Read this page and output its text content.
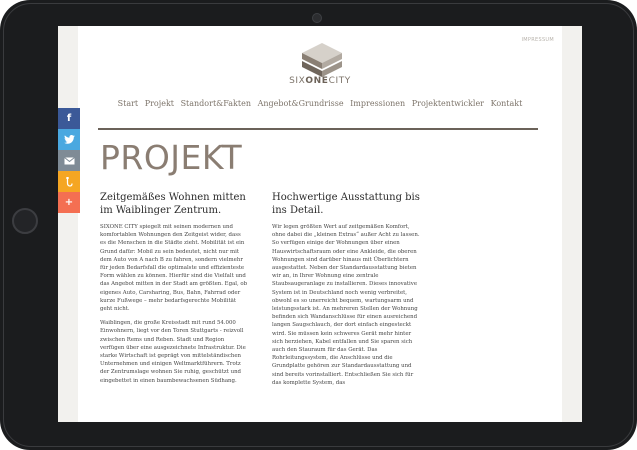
IMPRESSUM
SIXONECITY
Start Projekt Standort&Fakten Angebot&Grundrisse Impressionen Projektentwickler Kontakt
PROJEKT
Zeitgemäßes Wohnen mitten im Waiblinger Zentrum.

SIXONE CITY spiegelt mit seinen modernen und komfortablen Wohnungen den Zeitgeist wider, dass es die Menschen in die Städte zieht. Mobilität ist ein Grund dafür: Mobil zu sein bedeutet, nicht nur mit dem Auto von A nach B zu fahren, sondern vielmehr für jeden Bedarfsfall die optimalste und effizienteste Form wählen zu können. Hierfür sind die Vielfalt und das Angebot mitten in der Stadt am größten. Egal, ob eigenes Auto, Carsharing, Bus, Bahn, Fahrrad oder kurze Fußwege – mehr bedarfsgerechte Mobilität geht nicht.

Waiblingen, die große Kreisstadt mit rund 54.000 Einwohnern, liegt vor den Toren Stuttgarts - reizvoll zwischen Rems und Reben. Stadt und Region verfügen über eine ausgezeichnete Infrastruktur. Die starke Wirtschaft ist geprägt von mittelständischen Unternehmen und einigen Weltmarktführern. Trotz der Zentrumslage wohnen Sie ruhig, geschützt und eingebettet in einen baumbewachsenen Südhang.

Hochwertige Ausstattung bis ins Detail.

Wir legen größten Wert auf zeitgemäßen Komfort, ohne dabei die „kleinen Extras“ außer Acht zu lassen. So verfügen einige der Wohnungen über einen Hauswirtschaftsraum oder eine Ankleide, die oberen Wohnungen sind darüber hinaus mit Überlichtern ausgestattet. Neben der Standardausstattung bieten wir an, in Ihrer Wohnung eine zentrale Staubsaugeranlage zu installieren. Dieses innovative System ist in Deutschland noch wenig verbreitet, obwohl es so unerreicht bequem, wartungsarm und leistungsstark ist. An mehreren Stellen der Wohnung befinden sich Wandanschlüsse für einen ausreichend langen Saugschlauch, der dort einfach eingesteckt wird. Sie müssen kein schweres Gerät mehr hinter sich herziehen, Kabel entfallen und Sie sparen sich auch den Stauraum für das Gerät. Das Rohrleitungssystem, die Anschlüsse und die Grundplatte gehören zur Standardausstattung und sind bereits vorinstalliert. Entschließen Sie sich für das komplette System, das

f
+
